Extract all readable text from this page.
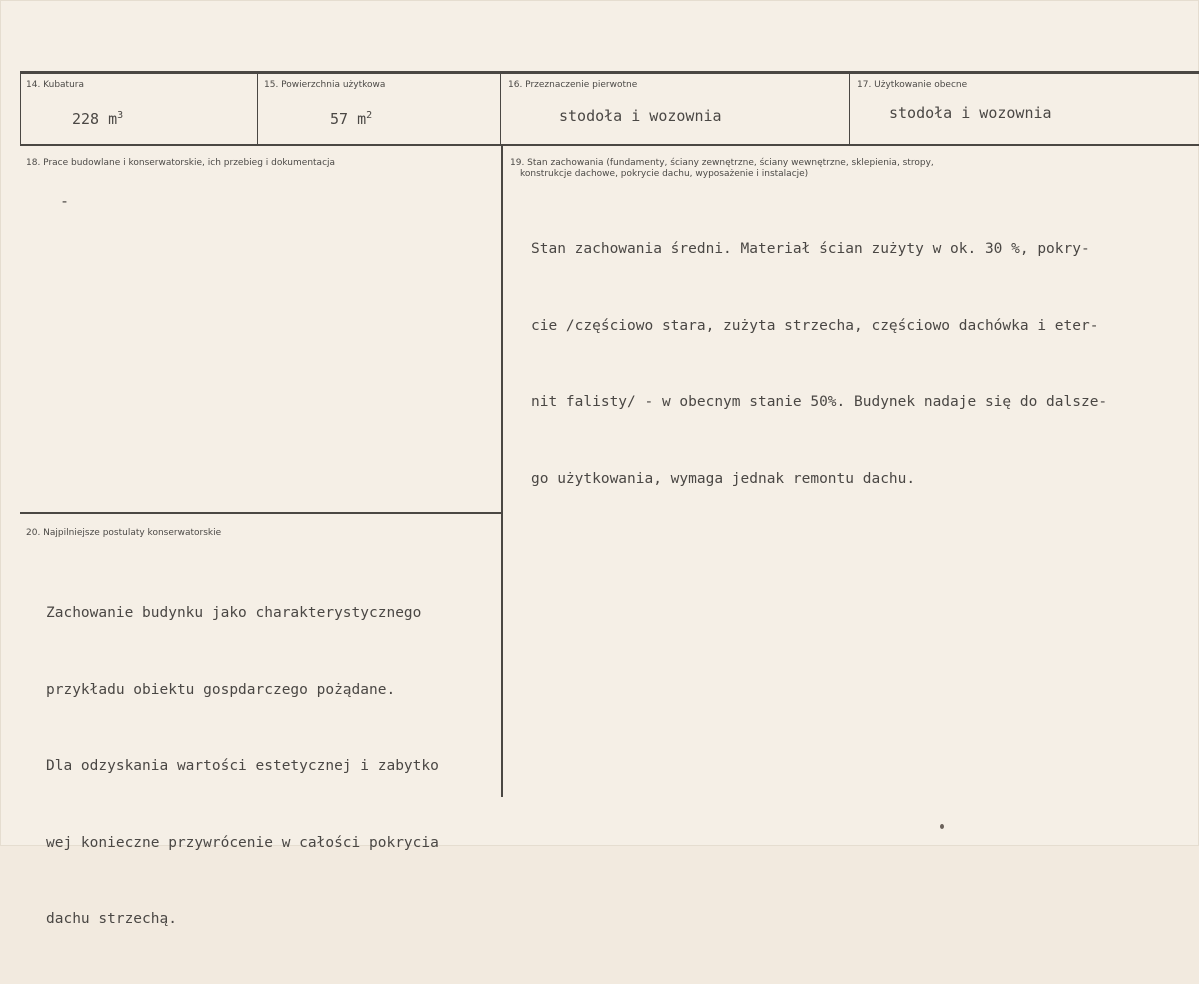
14. Kubatura
228 $m^3$
15. Powierzchnia użytkowa
57 $m^2$
16. Przeznaczenie pierwotne
stodoła i wozownia
17. Użytkowanie obecne
stodoła i wozownia
18. Prace budowlane i konserwatorskie, ich przebieg i dokumentacja
-
19. Stan zachowania (fundamenty, ściany zewnętrzne, ściany wewnętrzne, sklepienia, stropy,
konstrukcje dachowe, pokrycie dachu, wyposażenie i instalacje)

Stan zachowania średni. Materiał ścian zużyty w ok. 30 %, pokry-

cie /częściowo stara, zużyta strzecha, częściowo dachówka i eter-

nit falisty/ - w obecnym stanie 50%. Budynek nadaje się do dalsze-

go użytkowania, wymaga jednak remontu dachu.

20. Najpilniejsze postulaty konserwatorskie

Zachowanie budynku jako charakterystycznego

przykładu obiektu gospdarczego pożądane.

Dla odzyskania wartości estetycznej i zabytko

wej konieczne przywrócenie w całości pokrycia

dachu strzechą.
